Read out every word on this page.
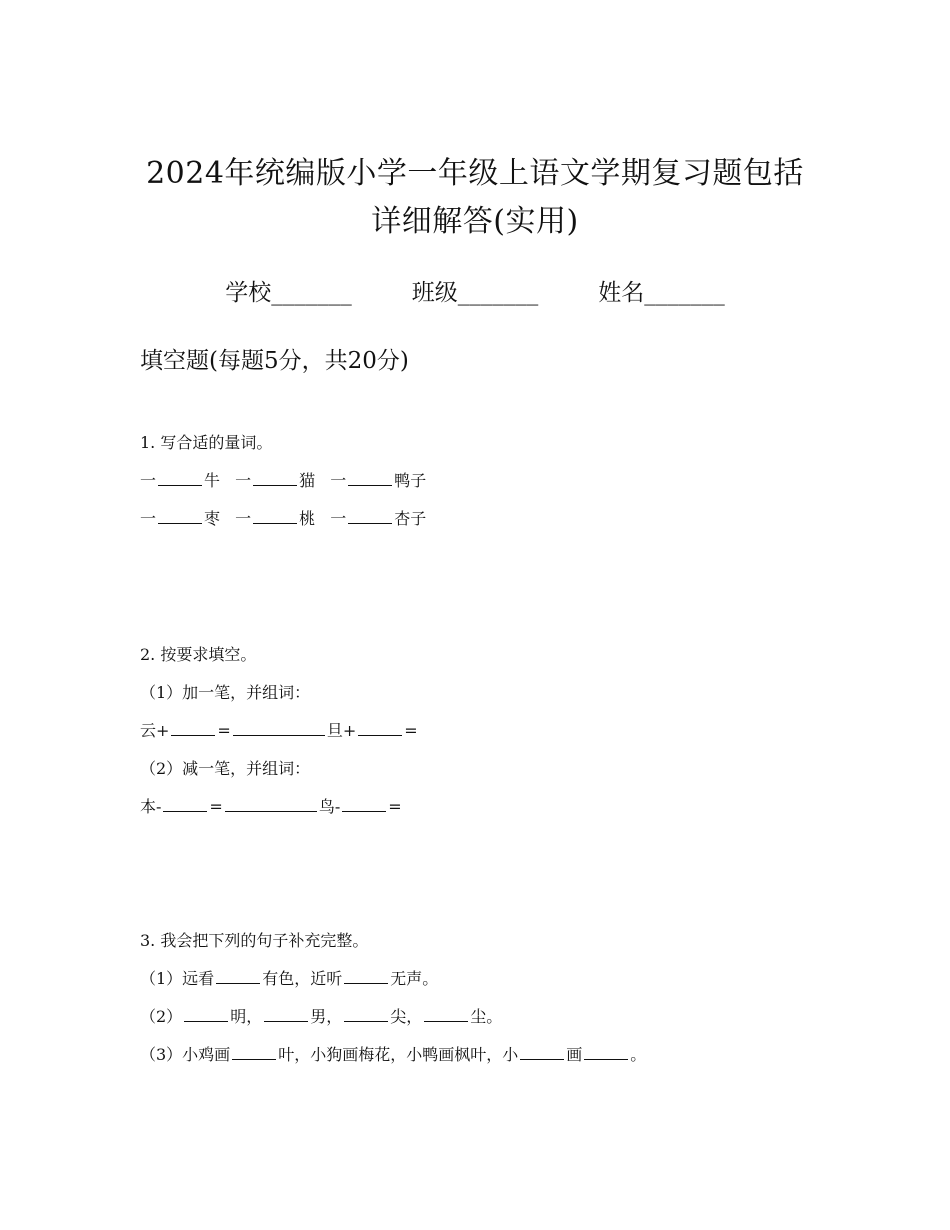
2024年统编版小学一年级上语文学期复习题包括
详细解答(实用)
学校_______	班级_______	姓名_______
填空题(每题5分，共20分)
1. 写合适的量词。
一	牛 一	猫 一	鸭子
一	枣 一	桃 一	杏子
2. 按要求填空。
（1）加一笔，并组词：
云+	=	旦+	=
（2）减一笔，并组词：
本-	=	鸟-	=
3. 我会把下列的句子补充完整。
（1）远看	有色，近听	无声。
（2）	明，	男，	尖，	尘。
（3）小鸡画	叶，小狗画梅花，小鸭画枫叶，小	画	。
